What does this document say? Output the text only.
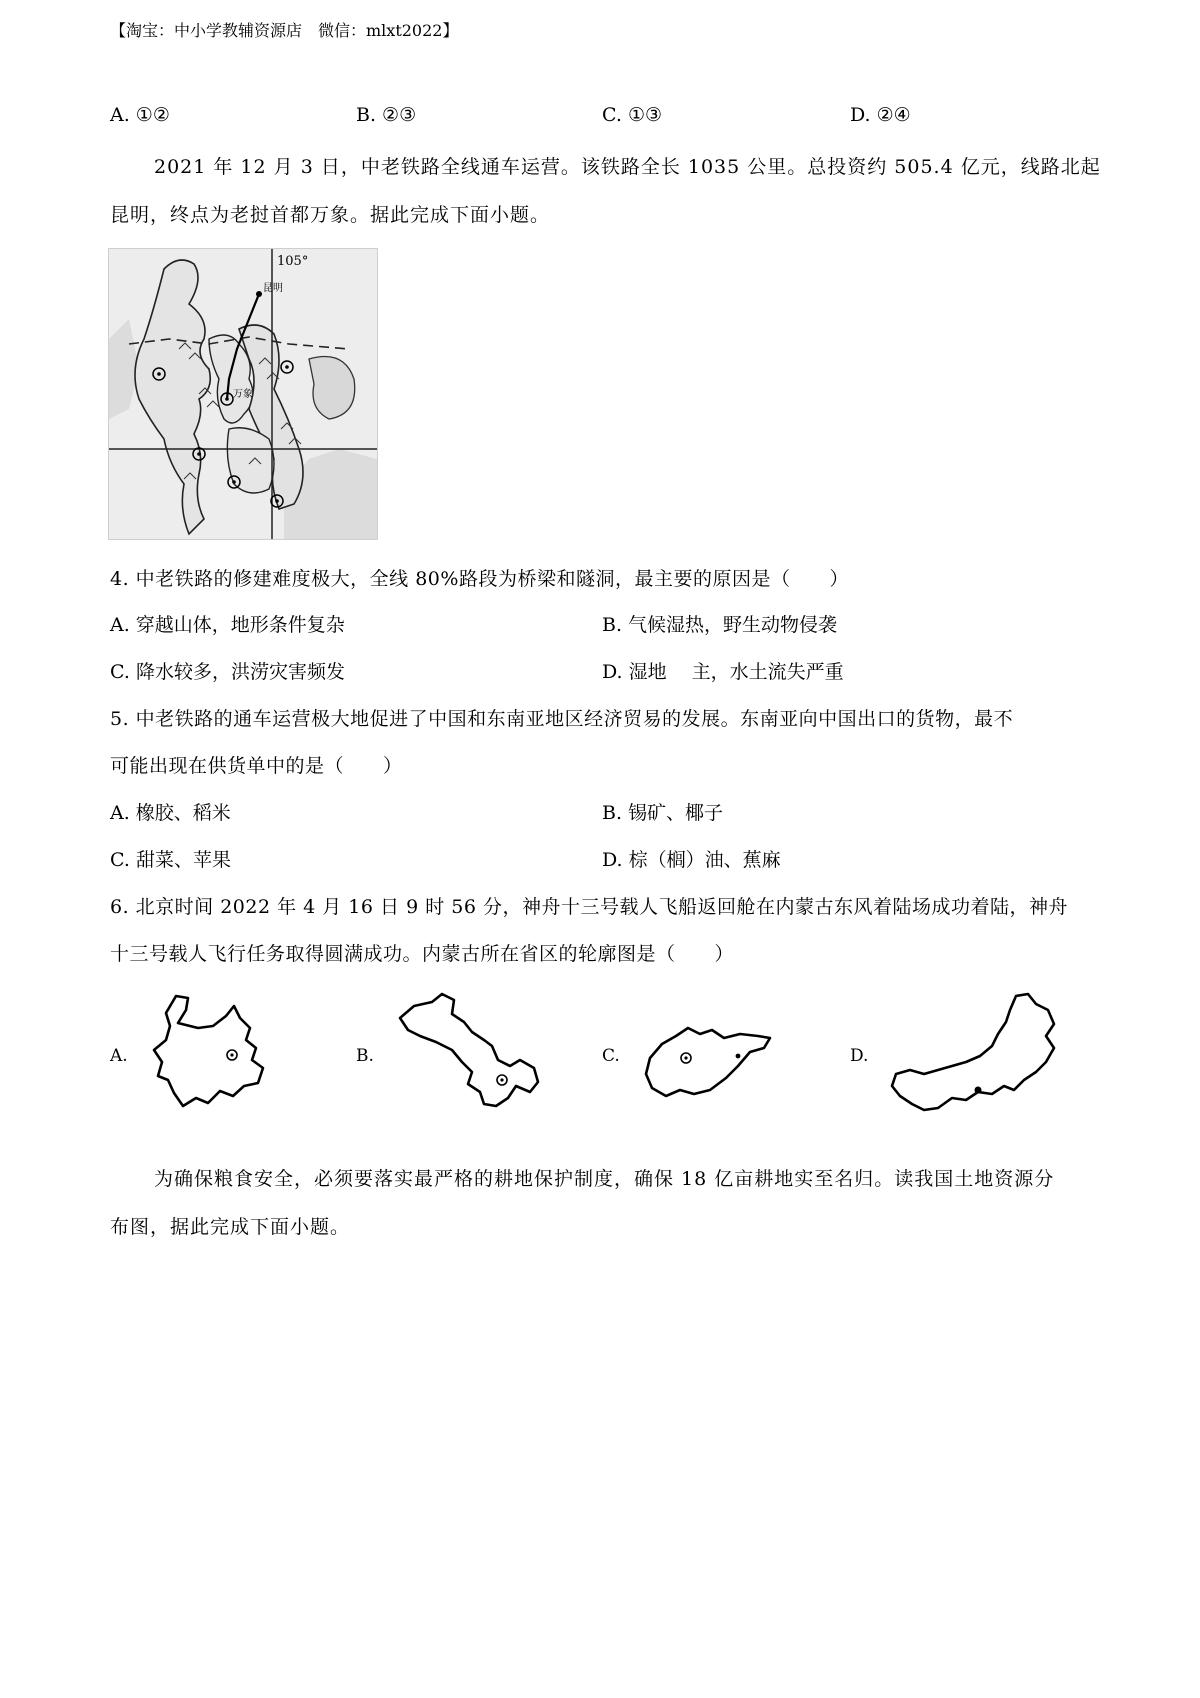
【淘宝：中小学教辅资源店　微信：mlxt2022】
A. ①②	B. ②③	C. ①③	D. ②④
2021 年 12 月 3 日，中老铁路全线通车运营。该铁路全长 1035 公里。总投资约 505.4 亿元，线路北起
昆明，终点为老挝首都万象。据此完成下面小题。
105°
昆明
万象
4. 中老铁路的修建难度极大，全线 80%路段为桥梁和隧洞，最主要的原因是（　　）
A. 穿越山体，地形条件复杂	B. 气候湿热，野生动物侵袭
C. 降水较多，洪涝灾害频发	D. 湿地　 主，水土流失严重
5. 中老铁路的通车运营极大地促进了中国和东南亚地区经济贸易的发展。东南亚向中国出口的货物，最不
可能出现在供货单中的是（　　）
A. 橡胶、稻米	B. 锡矿、椰子
C. 甜菜、苹果	D. 棕（榈）油、蕉麻
6. 北京时间 2022 年 4 月 16 日 9 时 56 分，神舟十三号载人飞船返回舱在内蒙古东风着陆场成功着陆，神舟
十三号载人飞行任务取得圆满成功。内蒙古所在省区的轮廓图是（　　）
A.	B.	C.	D.
为确保粮食安全，必须要落实最严格的耕地保护制度，确保 18 亿亩耕地实至名归。读我国土地资源分
布图，据此完成下面小题。
